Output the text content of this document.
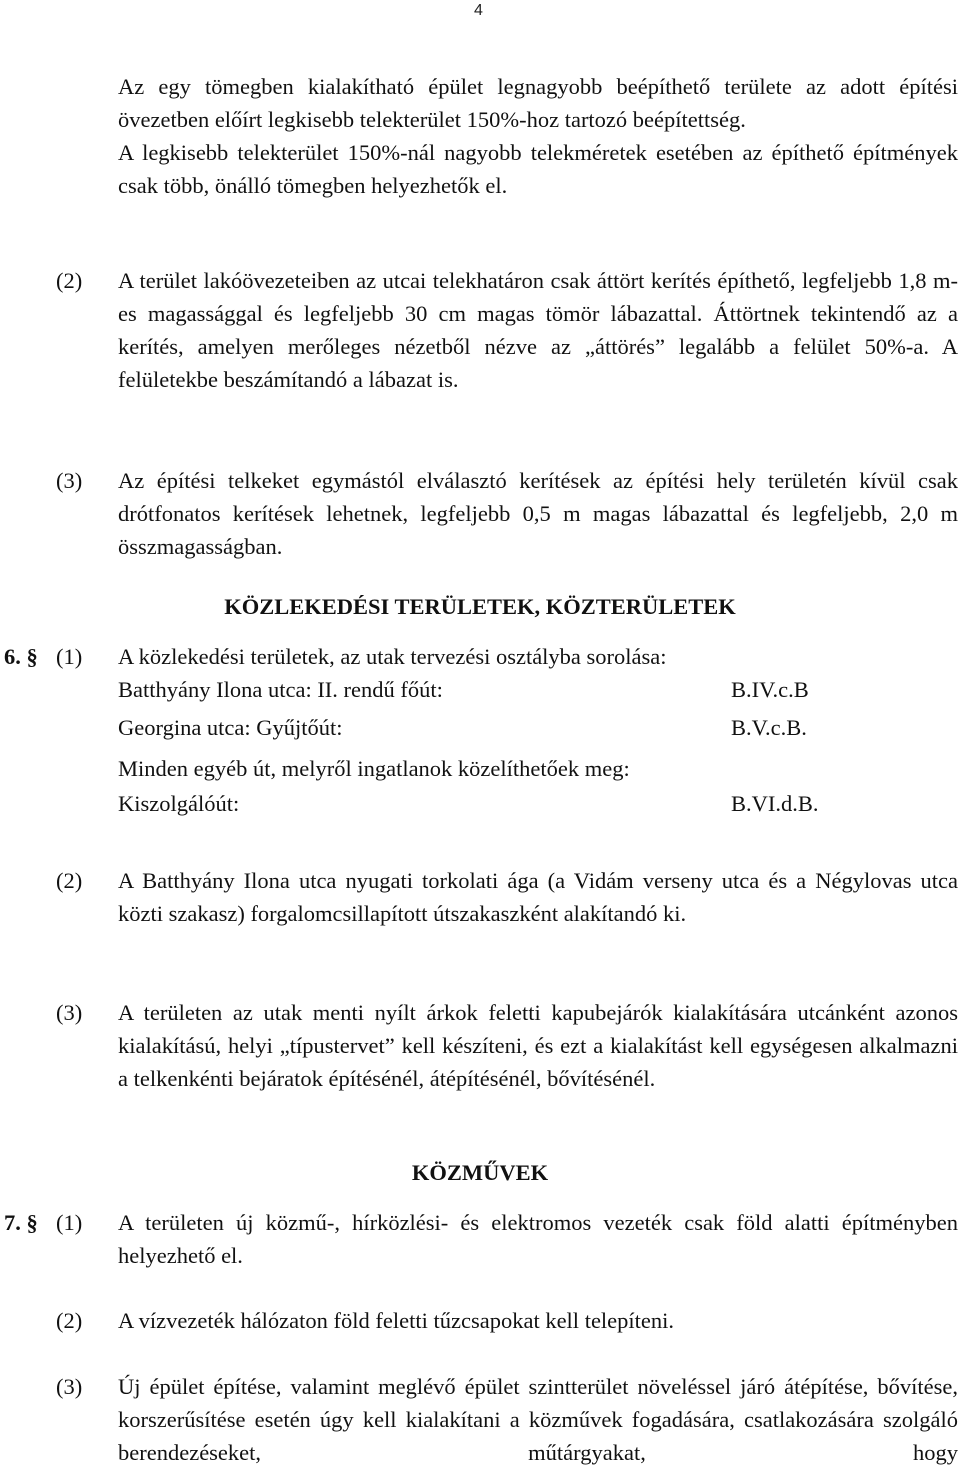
4
Az egy tömegben kialakítható épület legnagyobb beépíthető területe az adott építési övezetben előírt legkisebb telekterület 150%-hoz tartozó beépítettség.
A legkisebb telekterület 150%-nál nagyobb telekméretek esetében az építhető építmények csak több, önálló tömegben helyezhetők el.
(2)	A terület lakóövezeteiben az utcai telekhatáron csak áttört kerítés építhető, legfeljebb 1,8 m-es magassággal és legfeljebb 30 cm magas tömör lábazattal. Áttörtnek tekintendő az a kerítés, amelyen merőleges nézetből nézve az „áttörés” legalább a felület 50%-a. A felületekbe beszámítandó a lábazat is.
(3)	Az építési telkeket egymástól elválasztó kerítések az építési hely területén kívül csak drótfonatos kerítések lehetnek, legfeljebb 0,5 m magas lábazattal és legfeljebb, 2,0 m összmagasságban.
KÖZLEKEDÉSI TERÜLETEK, KÖZTERÜLETEK
6. § (1)	A közlekedési területek, az utak tervezési osztályba sorolása:
Batthyány Ilona utca: II. rendű főút:	B.IV.c.B
Georgina utca: Gyűjtőút:	B.V.c.B.
Minden egyéb út, melyről ingatlanok közelíthetőek meg:
Kiszolgálóút:	B.VI.d.B.
(2)	A Batthyány Ilona utca nyugati torkolati ága (a Vidám verseny utca és a Négylovas utca közti szakasz) forgalomcsillapított útszakaszként alakítandó ki.
(3)	A területen az utak menti nyílt árkok feletti kapubejárók kialakítására utcánként azonos kialakítású, helyi „típustervet” kell készíteni, és ezt a kialakítást kell egységesen alkalmazni a telkenkénti bejáratok építésénél, átépítésénél, bővítésénél.
KÖZMŰVEK
7. § (1)	A területen új közmű-, hírközlési- és elektromos vezeték csak föld alatti építményben helyezhető el.
(2)	A vízvezeték hálózaton föld feletti tűzcsapokat kell telepíteni.
(3)	Új épület építése, valamint meglévő épület szintterület növeléssel járó átépítése, bővítése, korszerűsítése esetén úgy kell kialakítani a közművek fogadására, csatlakozására szolgáló berendezéseket, műtárgyakat, hogy
